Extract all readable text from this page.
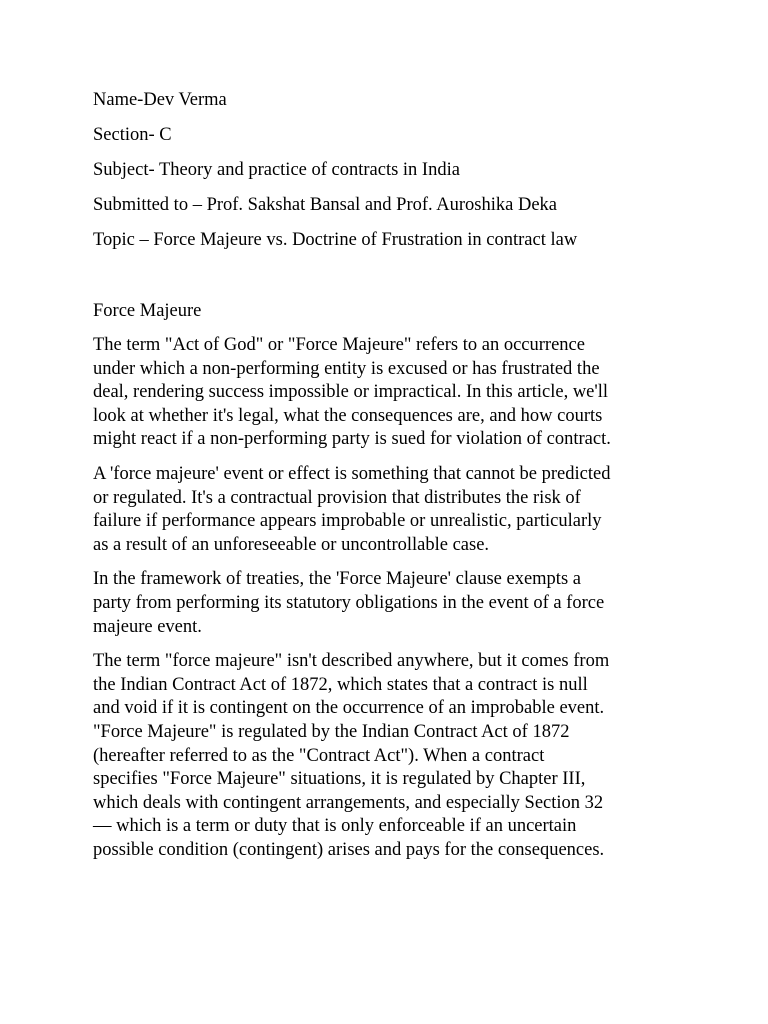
Name-Dev Verma

Section- C

Subject- Theory and practice of contracts in India

Submitted to – Prof. Sakshat Bansal and Prof. Auroshika Deka

Topic – Force Majeure vs. Doctrine of Frustration in contract law

Force Majeure

The term "Act of God" or "Force Majeure" refers to an occurrence
under which a non-performing entity is excused or has frustrated the
deal, rendering success impossible or impractical. In this article, we'll
look at whether it's legal, what the consequences are, and how courts
might react if a non-performing party is sued for violation of contract.

A 'force majeure' event or effect is something that cannot be predicted
or regulated. It's a contractual provision that distributes the risk of
failure if performance appears improbable or unrealistic, particularly
as a result of an unforeseeable or uncontrollable case.

In the framework of treaties, the 'Force Majeure' clause exempts a
party from performing its statutory obligations in the event of a force
majeure event.

The term "force majeure" isn't described anywhere, but it comes from
the Indian Contract Act of 1872, which states that a contract is null
and void if it is contingent on the occurrence of an improbable event.
"Force Majeure" is regulated by the Indian Contract Act of 1872
(hereafter referred to as the "Contract Act"). When a contract
specifies "Force Majeure" situations, it is regulated by Chapter III,
which deals with contingent arrangements, and especially Section 32
— which is a term or duty that is only enforceable if an uncertain
possible condition (contingent) arises and pays for the consequences.
